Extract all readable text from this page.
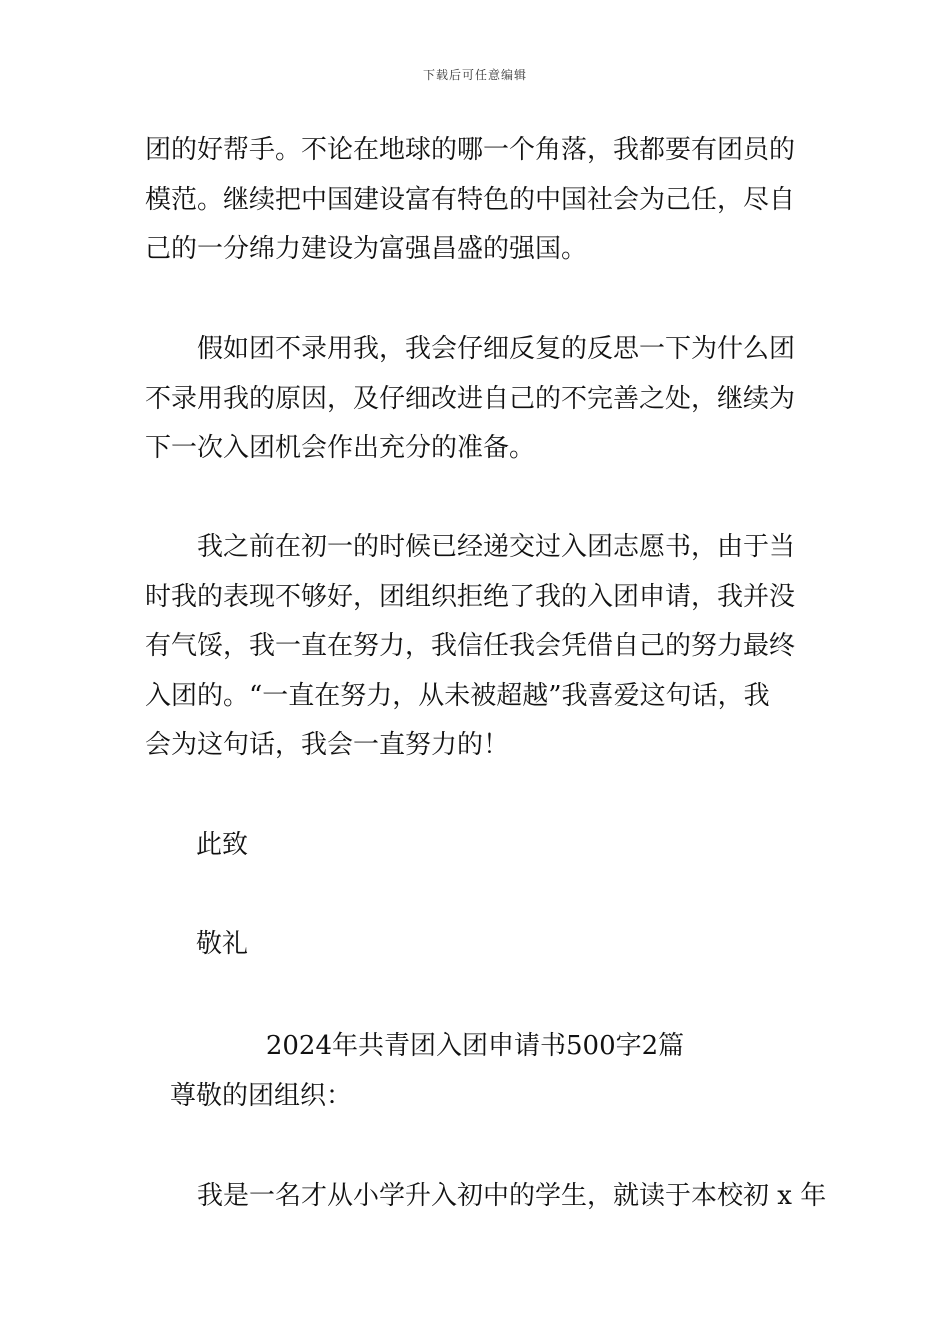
下载后可任意编辑
团的好帮手。不论在地球的哪一个角落，我都要有团员的
模范。继续把中国建设富有特色的中国社会为己任，尽自
己的一分绵力建设为富强昌盛的强国。
假如团不录用我，我会仔细反复的反思一下为什么团
不录用我的原因，及仔细改进自己的不完善之处，继续为
下一次入团机会作出充分的准备。
我之前在初一的时候已经递交过入团志愿书，由于当
时我的表现不够好，团组织拒绝了我的入团申请，我并没
有气馁，我一直在努力，我信任我会凭借自己的努力最终
入团的。“一直在努力，从未被超越”我喜爱这句话，我
会为这句话，我会一直努力的！
此致
敬礼
2024年共青团入团申请书500字2篇
尊敬的团组织：
我是一名才从小学升入初中的学生，就读于本校初 x 年
